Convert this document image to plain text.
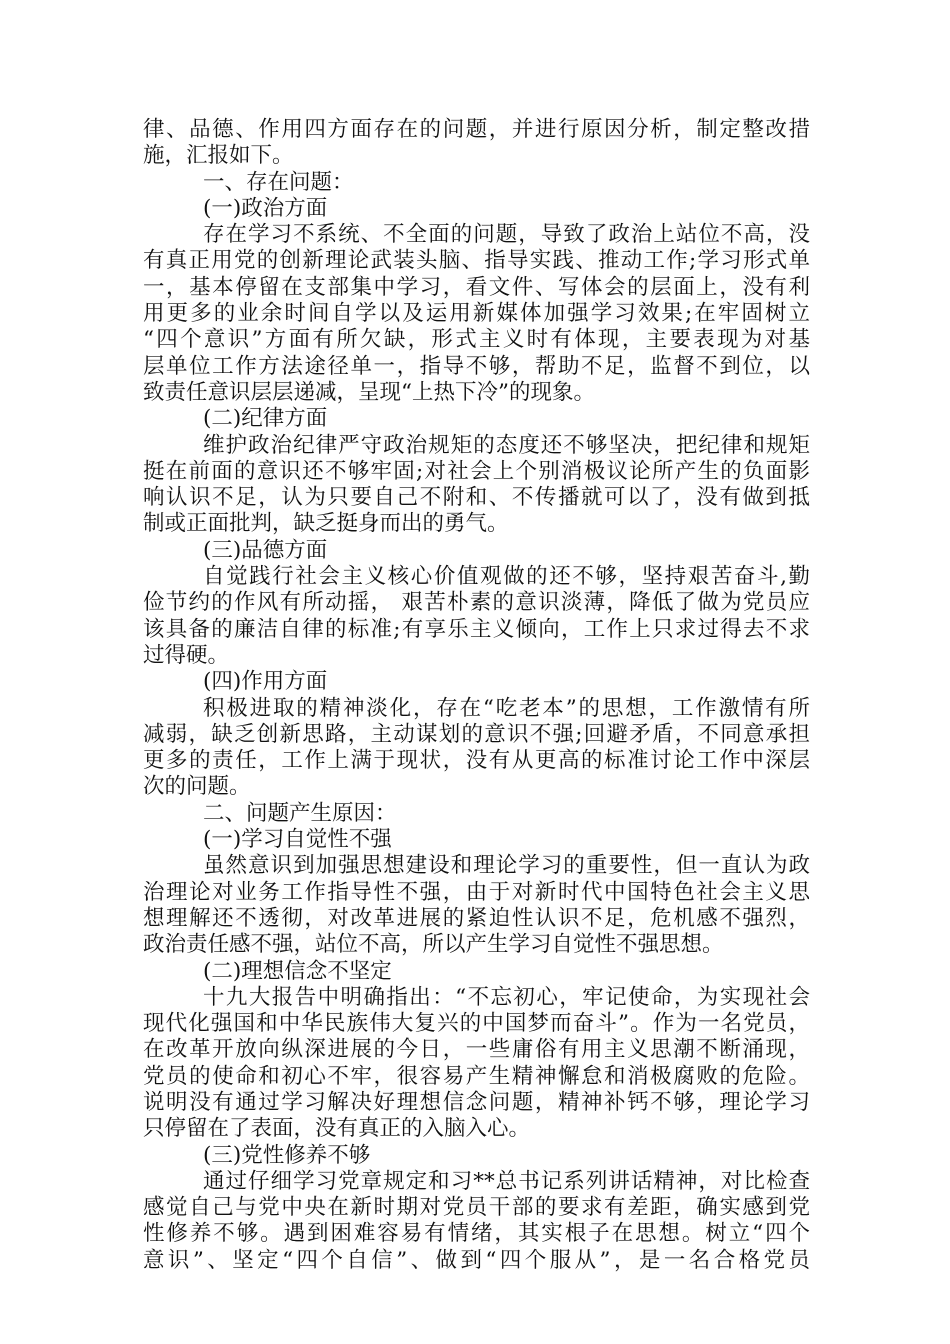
律、品德、作用四方面存在的问题，并进行原因分析，制定整改措
施，汇报如下。
一、存在问题：
(一)政治方面
存在学习不系统、不全面的问题，导致了政治上站位不高，没
有真正用党的创新理论武装头脑、指导实践、推动工作;学习形式单
一，基本停留在支部集中学习，看文件、写体会的层面上，没有利
用更多的业余时间自学以及运用新媒体加强学习效果;在牢固树立
“四个意识”方面有所欠缺，形式主义时有体现，主要表现为对基
层单位工作方法途径单一，指导不够，帮助不足，监督不到位，以
致责任意识层层递减，呈现“上热下冷”的现象。
(二)纪律方面
维护政治纪律严守政治规矩的态度还不够坚决，把纪律和规矩
挺在前面的意识还不够牢固;对社会上个别消极议论所产生的负面影
响认识不足，认为只要自己不附和、不传播就可以了，没有做到抵
制或正面批判，缺乏挺身而出的勇气。
(三)品德方面
自觉践行社会主义核心价值观做的还不够，坚持艰苦奋斗,勤
俭节约的作风有所动摇， 艰苦朴素的意识淡薄，降低了做为党员应
该具备的廉洁自律的标准;有享乐主义倾向，工作上只求过得去不求
过得硬。
(四)作用方面
积极进取的精神淡化，存在“吃老本”的思想，工作激情有所
减弱，缺乏创新思路，主动谋划的意识不强;回避矛盾，不同意承担
更多的责任，工作上满于现状，没有从更高的标准讨论工作中深层
次的问题。
二、问题产生原因：
(一)学习自觉性不强
虽然意识到加强思想建设和理论学习的重要性，但一直认为政
治理论对业务工作指导性不强，由于对新时代中国特色社会主义思
想理解还不透彻，对改革进展的紧迫性认识不足，危机感不强烈，
政治责任感不强，站位不高，所以产生学习自觉性不强思想。
(二)理想信念不坚定
十九大报告中明确指出：“不忘初心，牢记使命，为实现社会
现代化强国和中华民族伟大复兴的中国梦而奋斗”。作为一名党员，
在改革开放向纵深进展的今日，一些庸俗有用主义思潮不断涌现，
党员的使命和初心不牢，很容易产生精神懈怠和消极腐败的危险。
说明没有通过学习解决好理想信念问题，精神补钙不够，理论学习
只停留在了表面，没有真正的入脑入心。
(三)党性修养不够
通过仔细学习党章规定和习**总书记系列讲话精神，对比检查
感觉自己与党中央在新时期对党员干部的要求有差距，确实感到党
性修养不够。遇到困难容易有情绪，其实根子在思想。树立“四个
意识”、坚定“四个自信”、做到“四个服从”，是一名合格党员
